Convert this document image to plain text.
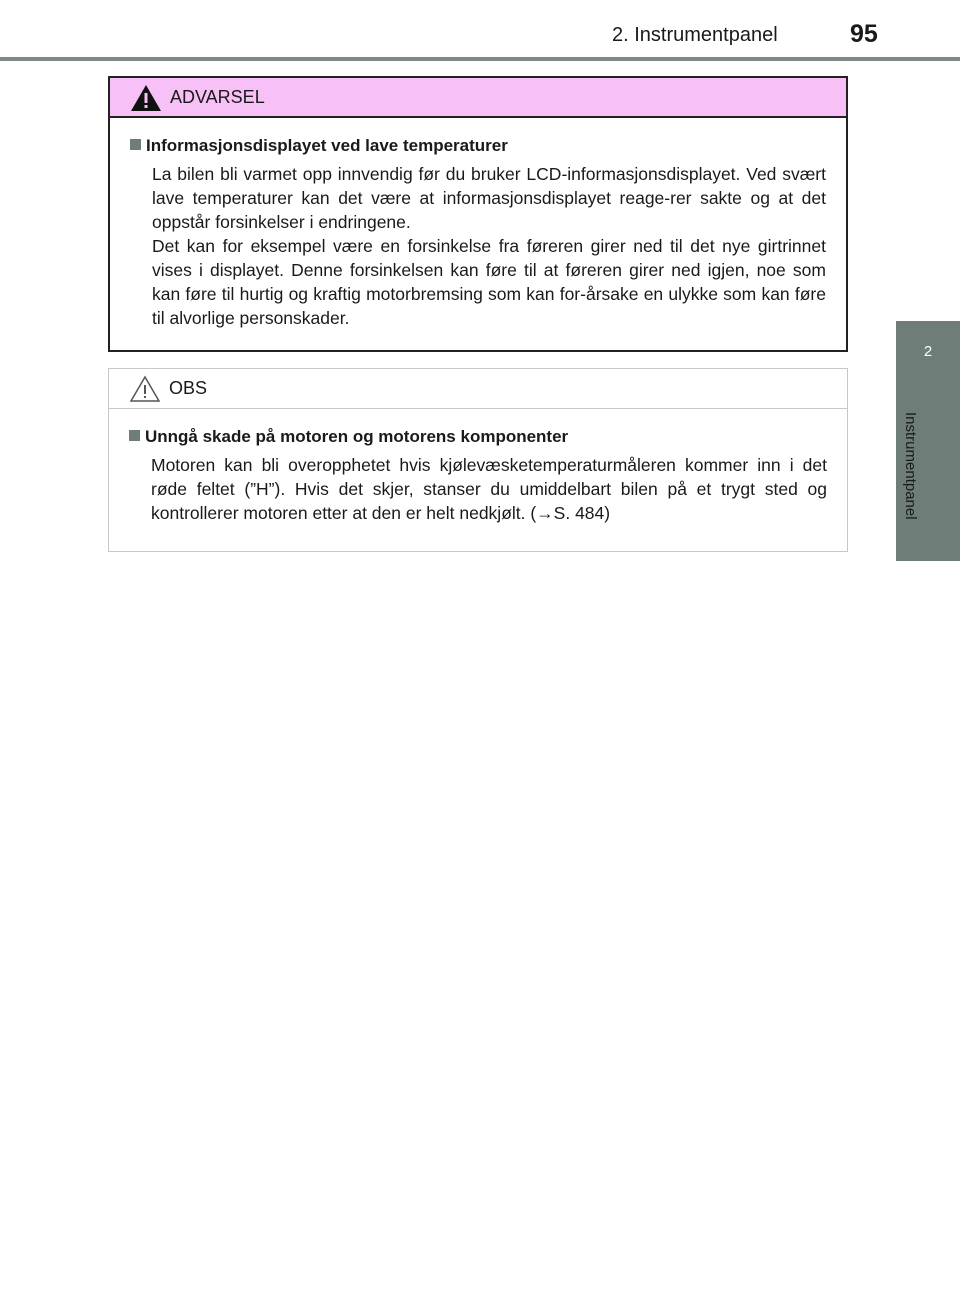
2. Instrumentpanel	95
2
Instrumentpanel
ADVARSEL
Informasjonsdisplayet ved lave temperaturer

La bilen bli varmet opp innvendig før du bruker LCD-informasjonsdisplayet. Ved svært lave temperaturer kan det være at informasjonsdisplayet reage-rer sakte og at det oppstår forsinkelser i endringene.

Det kan for eksempel være en forsinkelse fra føreren girer ned til det nye girtrinnet vises i displayet. Denne forsinkelsen kan føre til at føreren girer ned igjen, noe som kan føre til hurtig og kraftig motorbremsing som kan for-årsake en ulykke som kan føre til alvorlige personskader.

OBS
Unngå skade på motoren og motorens komponenter

Motoren kan bli overopphetet hvis kjølevæsketemperaturmåleren kommer inn i det røde feltet (”H”). Hvis det skjer, stanser du umiddelbart bilen på et trygt sted og kontrollerer motoren etter at den er helt nedkjølt. (→S. 484)
